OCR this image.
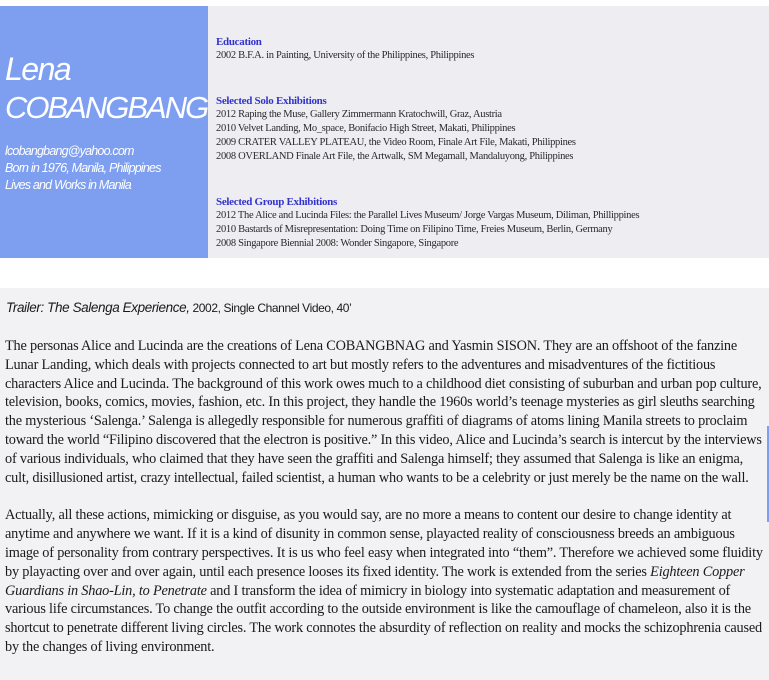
Lena
COBANGBANG
lcobangbang@yahoo.com
Born in 1976, Manila, Philippines
Lives and Works in Manila
Education
2002 B.F.A. in Painting, University of the Philippines, Philippines
Selected Solo Exhibitions
2012 Raping the Muse, Gallery Zimmermann Kratochwill, Graz, Austria
2010 Velvet Landing, Mo_space, Bonifacio High Street, Makati, Philippines
2009 CRATER VALLEY PLATEAU, the Video Room, Finale Art File, Makati, Philippines
2008 OVERLAND Finale Art File, the Artwalk, SM Megamall, Mandaluyong, Philippines
Selected Group Exhibitions
2012 The Alice and Lucinda Files: the Parallel Lives Museum/ Jorge Vargas Museum, Diliman, Phillippines
2010 Bastards of Misrepresentation: Doing Time on Filipino Time, Freies Museum, Berlin, Germany
2008 Singapore Biennial 2008: Wonder Singapore, Singapore
Trailer: The Salenga Experience, 2002, Single Channel Video, 40’

The personas Alice and Lucinda are the creations of Lena COBANGBNAG and Yasmin SISON. They are an offshoot of the fanzine Lunar Landing, which deals with projects connected to art but mostly refers to the adventures and misadventures of the fictitious characters Alice and Lucinda. The background of this work owes much to a childhood diet consisting of suburban and urban pop culture, television, books, comics, movies, fashion, etc. In this project, they handle the 1960s world’s teenage mysteries as girl sleuths searching the mysterious ‘Salenga.’ Salenga is allegedly responsible for numerous graffiti of diagrams of atoms lining Manila streets to proclaim toward the world “Filipino discovered that the electron is positive.” In this video, Alice and Lucinda’s search is intercut by the interviews of various individuals, who claimed that they have seen the graffiti and Salenga himself; they assumed that Salenga is like an enigma, cult, disillusioned artist, crazy intellectual, failed scientist, a human who wants to be a celebrity or just merely be the name on the wall.

Actually, all these actions, mimicking or disguise, as you would say, are no more a means to content our desire to change identity at anytime and anywhere we want. If it is a kind of disunity in common sense, playacted reality of consciousness breeds an ambiguous image of personality from contrary perspectives. It is us who feel easy when integrated into “them”. Therefore we achieved some fluidity by playacting over and over again, until each presence looses its fixed identity. The work is extended from the series Eighteen Copper Guardians in Shao-Lin, to Penetrate and I transform the idea of mimicry in biology into systematic adaptation and measurement of various life circumstances. To change the outfit according to the outside environment is like the camouflage of chameleon, also it is the shortcut to penetrate different living circles. The work connotes the absurdity of reflection on reality and mocks the schizophrenia caused by the changes of living environment.
